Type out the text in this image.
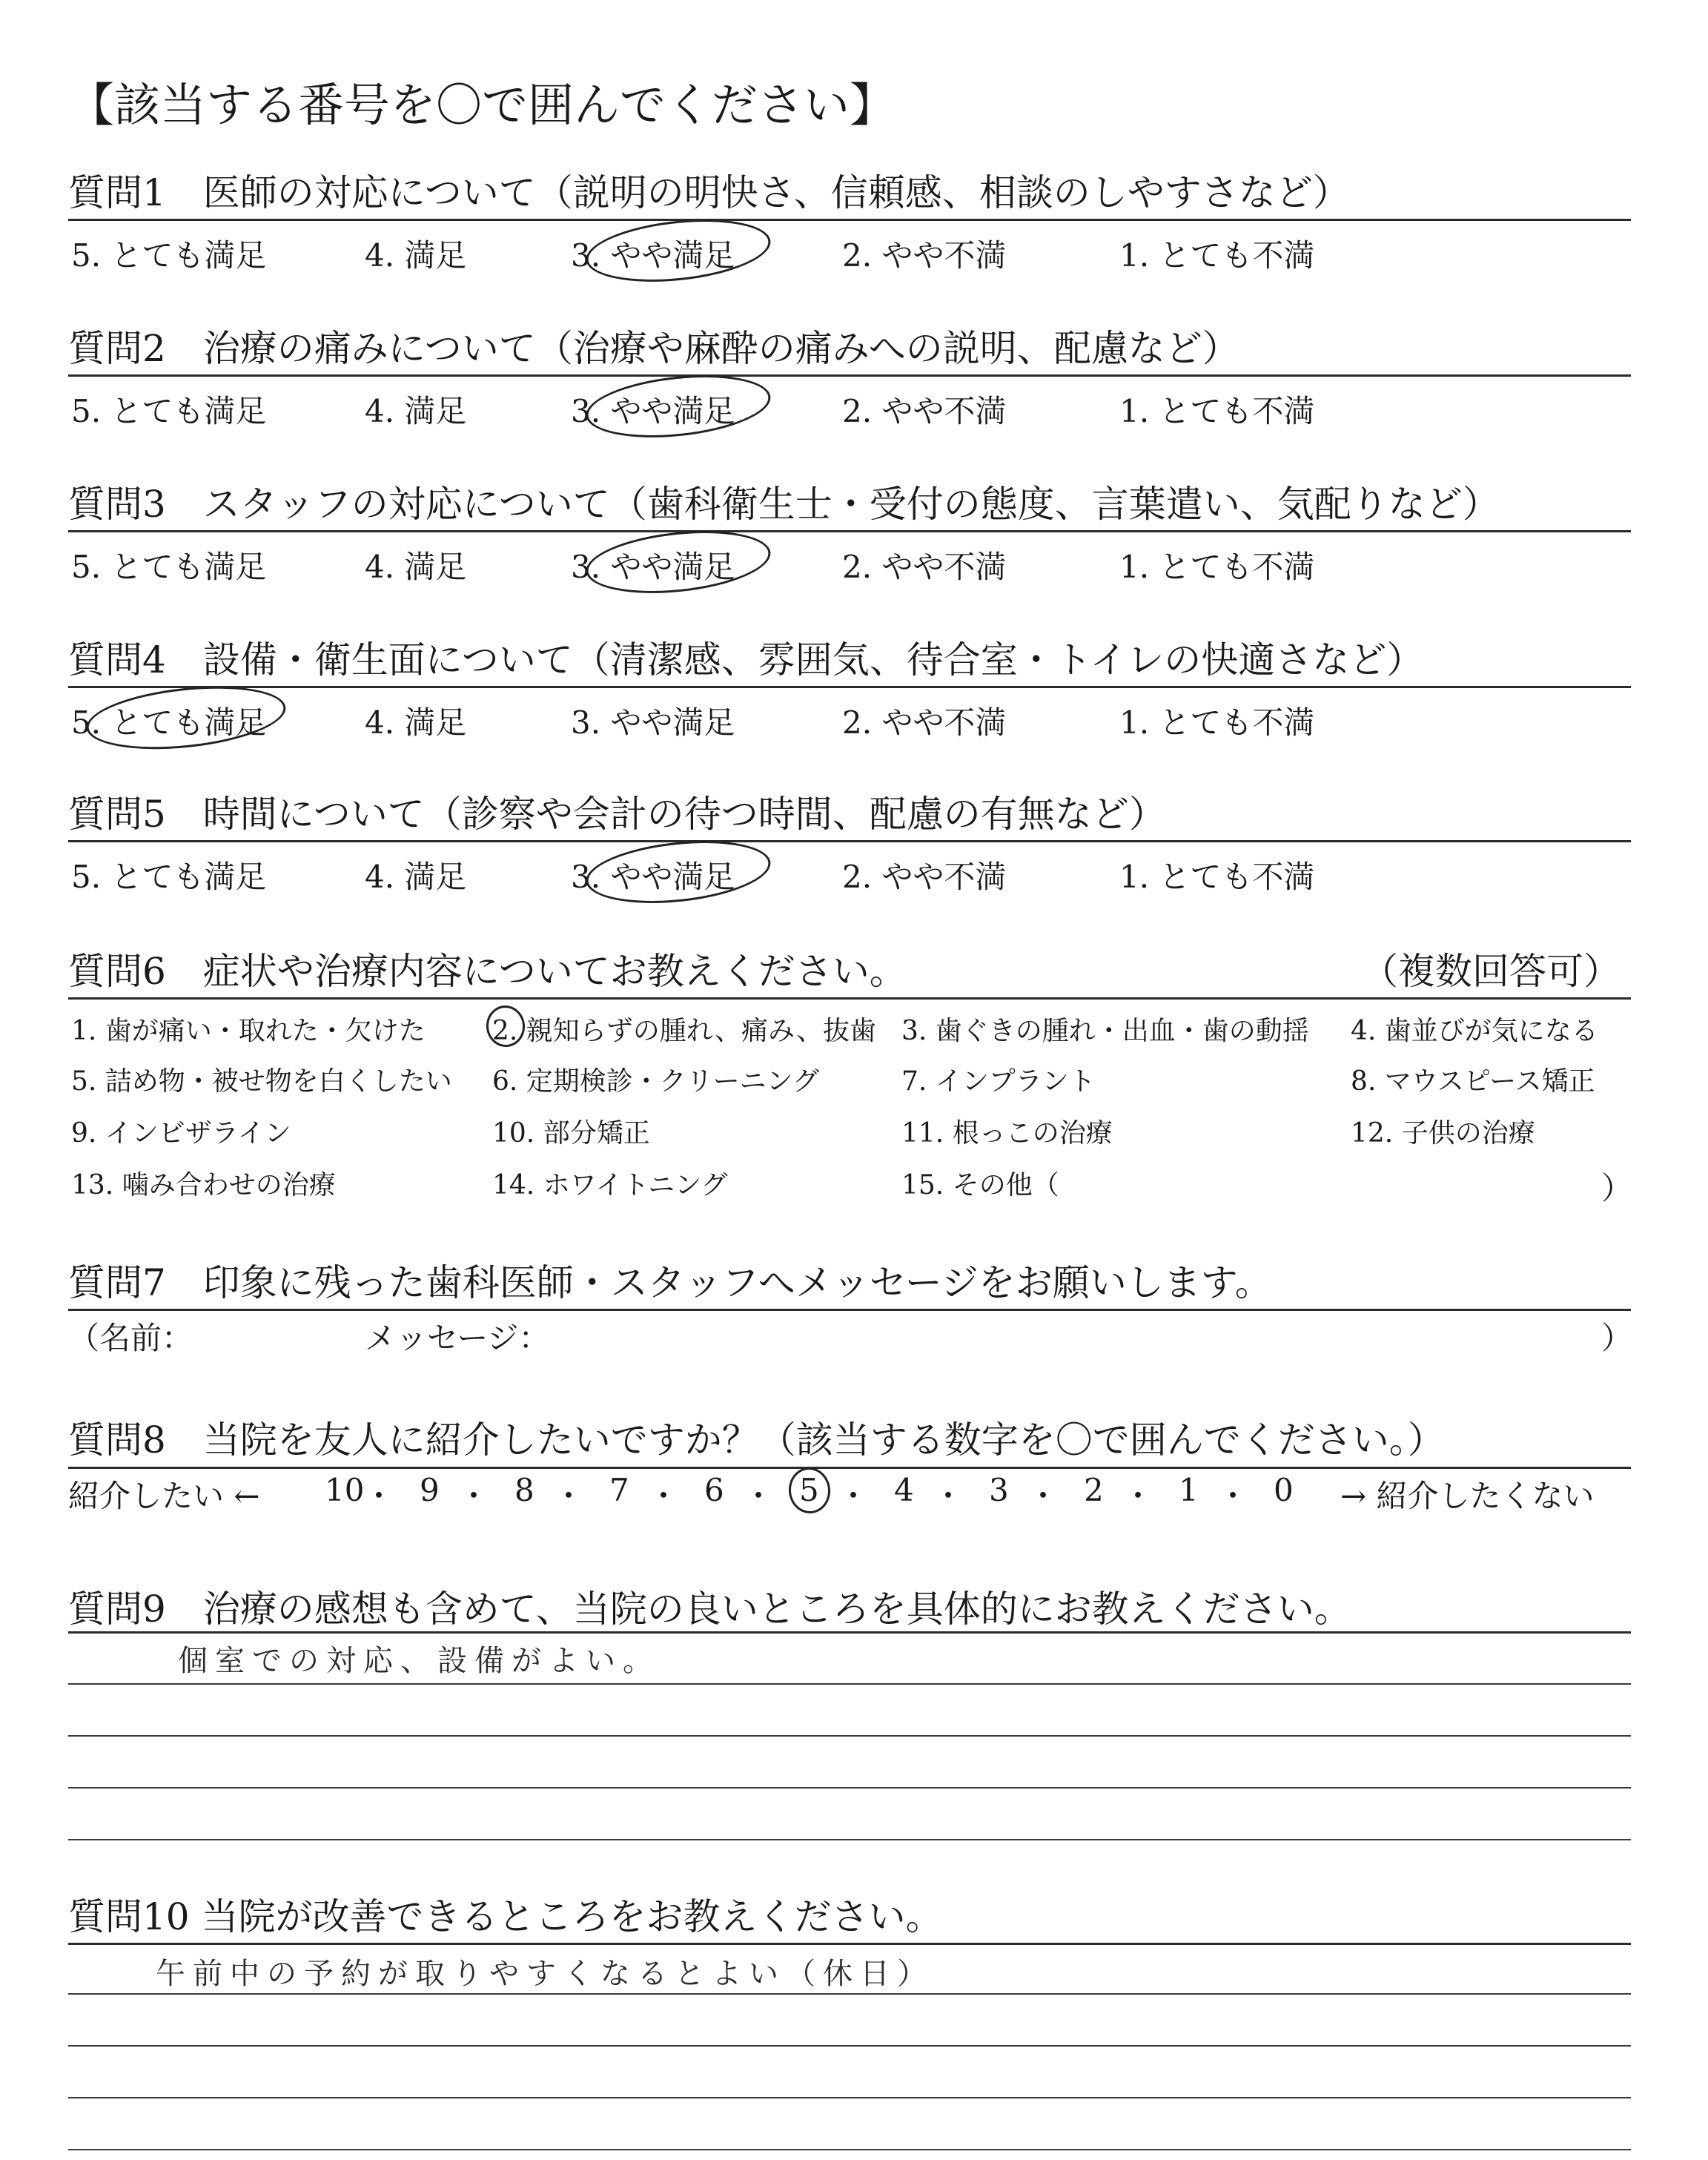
【該当する番号を〇で囲んでください】
質問1　医師の対応について（説明の明快さ、信頼感、相談のしやすさなど）
5. とても満足	4. 満足	3. やや満足	2. やや不満	1. とても不満
質問2　治療の痛みについて（治療や麻酔の痛みへの説明、配慮など）
5. とても満足	4. 満足	3. やや満足	2. やや不満	1. とても不満
質問3　スタッフの対応について（歯科衛生士・受付の態度、言葉遣い、気配りなど）
5. とても満足	4. 満足	3. やや満足	2. やや不満	1. とても不満
質問4　設備・衛生面について（清潔感、雰囲気、待合室・トイレの快適さなど）
5. とても満足	4. 満足	3. やや満足	2. やや不満	1. とても不満
質問5　時間について（診察や会計の待つ時間、配慮の有無など）
5. とても満足	4. 満足	3. やや満足	2. やや不満	1. とても不満
質問6　症状や治療内容についてお教えください。	（複数回答可）
1. 歯が痛い・取れた・欠けた	2. 親知らずの腫れ、痛み、抜歯 3. 歯ぐきの腫れ・出血・歯の動揺 4. 歯並びが気になる
5. 詰め物・被せ物を白くしたい 6. 定期検診・クリーニング	7. インプラント	8. マウスピース矯正
9. インビザライン	10. 部分矯正	11. 根っこの治療	12. 子供の治療
13. 噛み合わせの治療	14. ホワイトニング	15. その他（	）
質問7　印象に残った歯科医師・スタッフへメッセージをお願いします。
（名前：	メッセージ：	）
質問8　当院を友人に紹介したいですか？（該当する数字を〇で囲んでください。）
紹介したい ←	→ 紹介したくない
10
・ 9 ・ 8 ・ 7 ・ 6 ・ 5 ・ 4 ・ 3 ・ 2 ・ 1 ・ 0
質問9　治療の感想も含めて、当院の良いところを具体的にお教えください。
個室での対応、設備がよい。
質問10 当院が改善できるところをお教えください。
午前中の予約が取りやすくなるとよい（休日）
